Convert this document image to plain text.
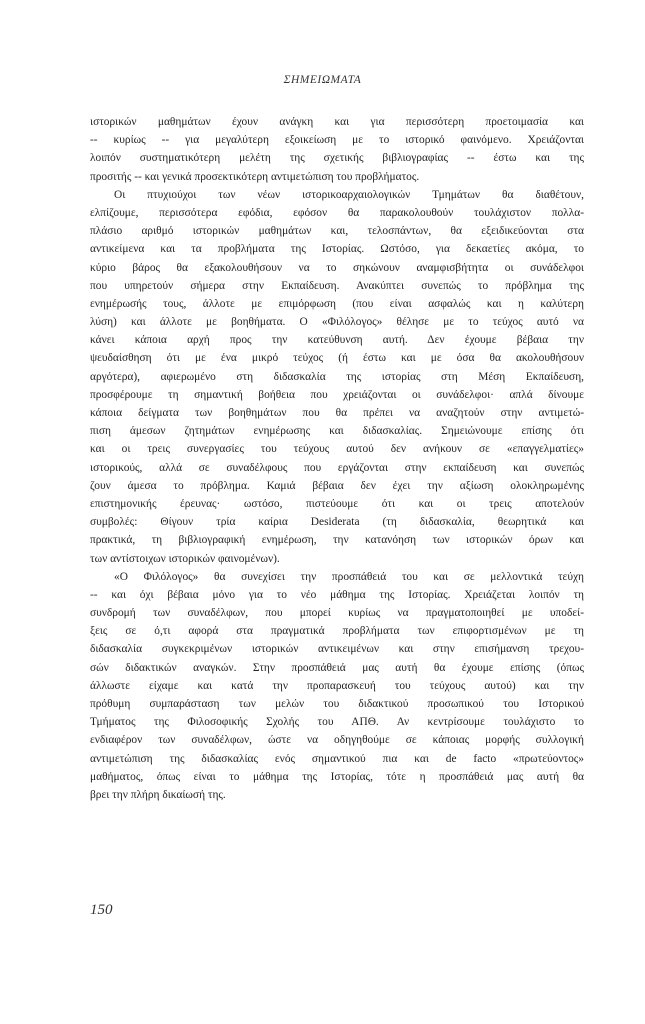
ΣΗΜΕΙΩΜΑΤΑ
ιστορικών μαθημάτων έχουν ανάγκη και για περισσότερη προετοιμασία και
-- κυρίως -- για μεγαλύτερη εξοικείωση με το ιστορικό φαινόμενο. Χρειάζονται
λοιπόν συστηματικότερη μελέτη της σχετικής βιβλιογραφίας -- έστω και της
προσιτής -- και γενικά προσεκτικότερη αντιμετώπιση του προβλήματος.
Οι πτυχιούχοι των νέων ιστορικοαρχαιολογικών Τμημάτων θα διαθέτουν,
ελπίζουμε, περισσότερα εφόδια, εφόσον θα παρακολουθούν τουλάχιστον πολλα-
πλάσιο αριθμό ιστορικών μαθημάτων και, τελοσπάντων, θα εξειδικεύονται στα
αντικείμενα και τα προβλήματα της Ιστορίας. Ωστόσο, για δεκαετίες ακόμα, το
κύριο βάρος θα εξακολουθήσουν να το σηκώνουν αναμφισβήτητα οι συνάδελφοι
που υπηρετούν σήμερα στην Εκπαίδευση. Ανακύπτει συνεπώς το πρόβλημα της
ενημέρωσής τους, άλλοτε με επιμόρφωση (που είναι ασφαλώς και η καλύτερη
λύση) και άλλοτε με βοηθήματα. Ο «Φιλόλογος» θέλησε με το τεύχος αυτό να
κάνει κάποια αρχή προς την κατεύθυνση αυτή. Δεν έχουμε βέβαια την
ψευδαίσθηση ότι με ένα μικρό τεύχος (ή έστω και με όσα θα ακολουθήσουν
αργότερα), αφιερωμένο στη διδασκαλία της ιστορίας στη Μέση Εκπαίδευση,
προσφέρουμε τη σημαντική βοήθεια που χρειάζονται οι συνάδελφοι· απλά δίνουμε
κάποια δείγματα των βοηθημάτων που θα πρέπει να αναζητούν στην αντιμετώ-
πιση άμεσων ζητημάτων ενημέρωσης και διδασκαλίας. Σημειώνουμε επίσης ότι
και οι τρεις συνεργασίες του τεύχους αυτού δεν ανήκουν σε «επαγγελματίες»
ιστορικούς, αλλά σε συναδέλφους που εργάζονται στην εκπαίδευση και συνεπώς
ζουν άμεσα το πρόβλημα. Καμιά βέβαια δεν έχει την αξίωση ολοκληρωμένης
επιστημονικής έρευνας· ωστόσο, πιστεύουμε ότι και οι τρεις αποτελούν
συμβολές: Θίγουν τρία καίρια Desiderata (τη διδασκαλία, θεωρητικά και
πρακτικά, τη βιβλιογραφική ενημέρωση, την κατανόηση των ιστορικών όρων και
των αντίστοιχων ιστορικών φαινομένων).
«Ο Φιλόλογος» θα συνεχίσει την προσπάθειά του και σε μελλοντικά τεύχη
-- και όχι βέβαια μόνο για το νέο μάθημα της Ιστορίας. Χρειάζεται λοιπόν τη
συνδρομή των συναδέλφων, που μπορεί κυρίως να πραγματοποιηθεί με υποδεί-
ξεις σε ό,τι αφορά στα πραγματικά προβλήματα των επιφορτισμένων με τη
διδασκαλία συγκεκριμένων ιστορικών αντικειμένων και στην επισήμανση τρεχου-
σών διδακτικών αναγκών. Στην προσπάθειά μας αυτή θα έχουμε επίσης (όπως
άλλωστε είχαμε και κατά την προπαρασκευή του τεύχους αυτού) και την
πρόθυμη συμπαράσταση των μελών του διδακτικού προσωπικού του Ιστορικού
Τμήματος της Φιλοσοφικής Σχολής του ΑΠΘ. Αν κεντρίσουμε τουλάχιστο το
ενδιαφέρον των συναδέλφων, ώστε να οδηγηθούμε σε κάποιας μορφής συλλογική
αντιμετώπιση της διδασκαλίας ενός σημαντικού πια και de facto «πρωτεύοντος»
μαθήματος, όπως είναι το μάθημα της Ιστορίας, τότε η προσπάθειά μας αυτή θα
βρει την πλήρη δικαίωσή της.
150
